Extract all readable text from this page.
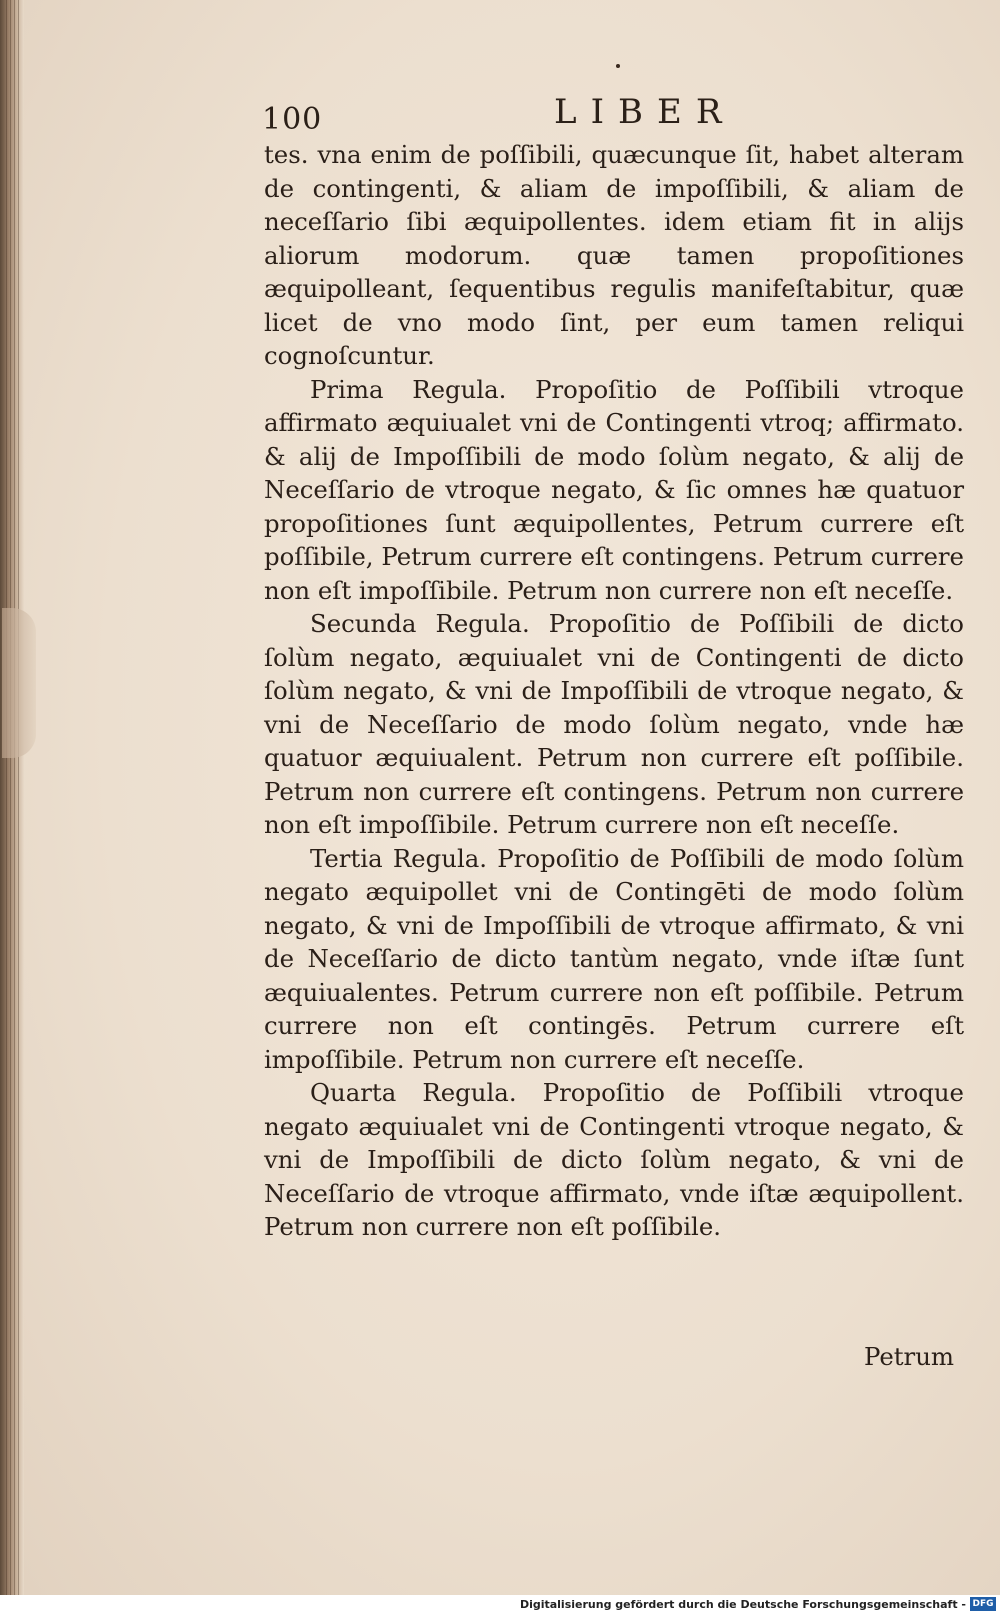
100	LIBER

tes. vna enim de poſſibili, quæcunque ſit, habet alteram de contingenti, & aliam de impoſſibili, & aliam de neceſſario ſibi æquipollentes. idem etiam fit in alijs aliorum modorum. quæ tamen propoſitiones æquipolleant, ſequentibus regulis manifeſtabitur, quæ licet de vno modo ſint, per eum tamen reliqui cognoſcuntur.

Prima Regula. Propoſitio de Poſſibili vtroque affirmato æquiualet vni de Contingenti vtroq; affirmato. & alij de Impoſſibili de modo ſolùm negato, & alij de Neceſſario de vtroque negato, & ſic omnes hæ quatuor propoſitiones ſunt æquipollentes, Petrum currere eſt poſſibile, Petrum currere eſt contingens. Petrum currere non eſt impoſſibile. Petrum non currere non eſt neceſſe.

Secunda Regula. Propoſitio de Poſſibili de dicto ſolùm negato, æquiualet vni de Contingenti de dicto ſolùm negato, & vni de Impoſſibili de vtroque negato, & vni de Neceſſario de modo ſolùm negato, vnde hæ quatuor æquiualent. Petrum non currere eſt poſſibile. Petrum non currere eſt contingens. Petrum non currere non eſt impoſſibile. Petrum currere non eſt neceſſe.

Tertia Regula. Propoſitio de Poſſibili de modo ſolùm negato æquipollet vni de Contingēti de modo ſolùm negato, & vni de Impoſſibili de vtroque affirmato, & vni de Neceſſario de dicto tantùm negato, vnde iſtæ ſunt æquiualentes. Petrum currere non eſt poſſibile. Petrum currere non eſt contingēs. Petrum currere eſt impoſſibile. Petrum non currere eſt neceſſe.

Quarta Regula. Propoſitio de Poſſibili vtroque negato æquiualet vni de Contingenti vtroque negato, & vni de Impoſſibili de dicto ſolùm negato, & vni de Neceſſario de vtroque affirmato, vnde iſtæ æquipollent. Petrum non currere non eſt poſſibile.

Petrum
Digitalisierung gefördert durch die Deutsche Forschungsgemeinschaft - DFG
